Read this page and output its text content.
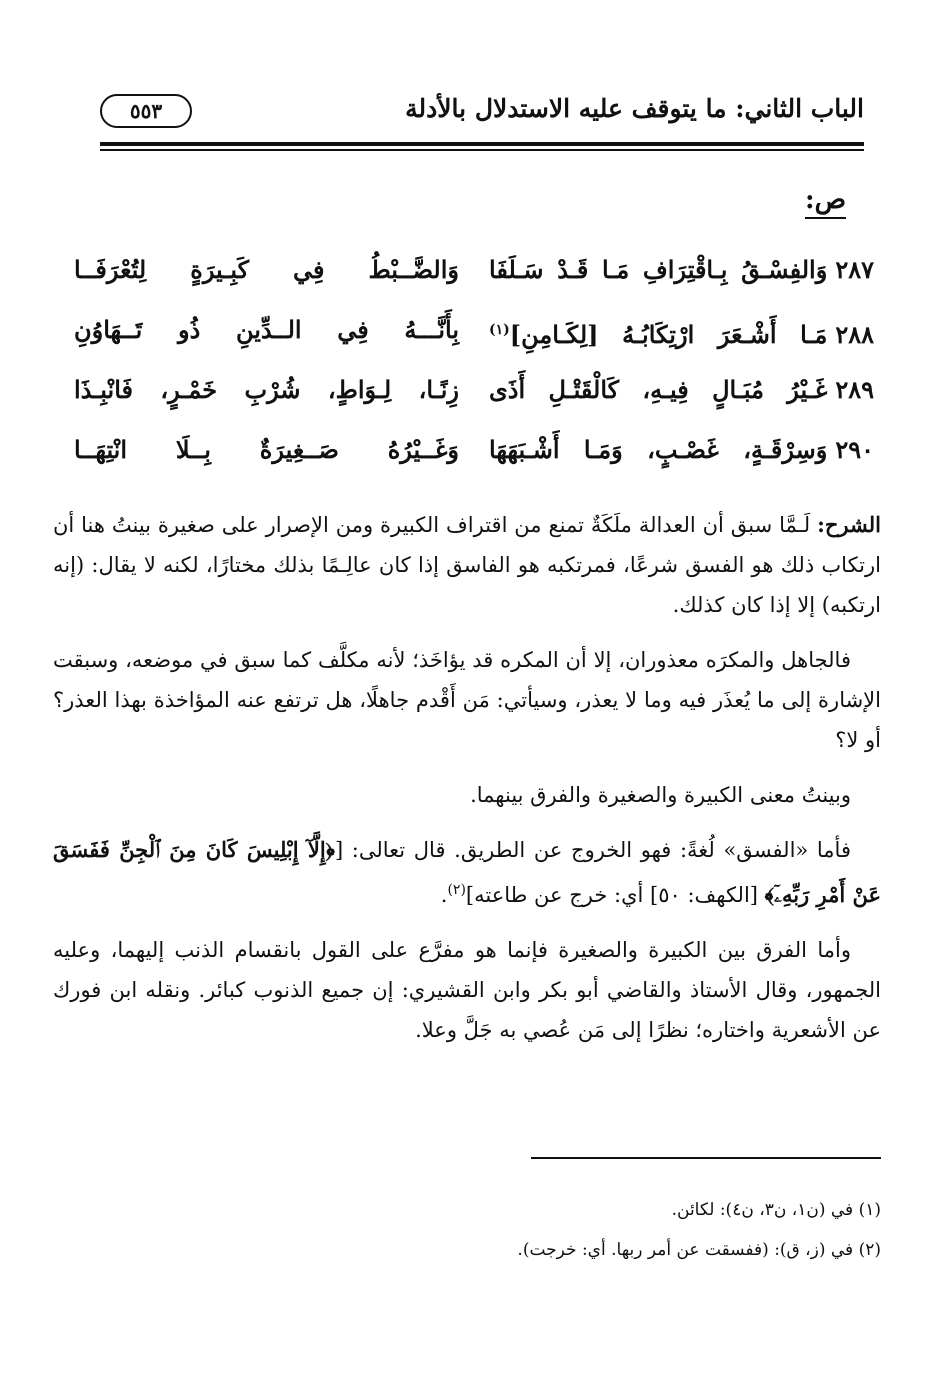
الباب الثاني: ما يتوقف عليه الاستدلال بالأدلة
٥٥٣
ص:
٢٨٧وَالفِسْـقُ بِـاقْتِرَافِ مَـا قَـدْ سَـلَفَا
وَالضَّــبْطُ فِي كَبِـيرَةٍ لِتُعْرَفَــا
٢٨٨مَـا أَشْـعَرَ ارْتِكَابُـهُ [لِكَـامِنِ]$^{(١)}$
بِأَنَّـــهُ فِي الــدِّينِ ذُو تَــهَاوُنِ
٢٨٩غَـيْرُ مُبَـالٍ فِيـهِ، كَالْقَتْـلِ أَذَى
زِنًـا، لِـوَاطٍ، شُرْبِ خَمْـرٍ، فَانْبِـذَا
٢٩٠وَسِرْقَـةٍ، غَصْـبٍ، وَمَـا أَشْـبَهَهَا
وَغَــيْرُهُ صَــغِيرَةٌ بِــلَا انْتِهَــا

الشرح: لَـمَّا سبق أن العدالة ملَكَةٌ تمنع من اقتراف الكبيرة ومن الإصرار على صغيرة بينتُ هنا أن ارتكاب ذلك هو الفسق شرعًا، فمرتكبه هو الفاسق إذا كان عالِـمًا بذلك مختارًا، لكنه لا يقال: (إنه ارتكبه) إلا إذا كان كذلك.

فالجاهل والمكرَه معذوران، إلا أن المكره قد يؤاخَذ؛ لأنه مكلَّف كما سبق في موضعه، وسبقت الإشارة إلى ما يُعذَر فيه وما لا يعذر، وسيأتي: مَن أَقْدم جاهلًا، هل ترتفع عنه المؤاخذة بهذا العذر؟ أو لا؟

وبينتُ معنى الكبيرة والصغيرة والفرق بينهما.

فأما «الفسق» لُغةً: فهو الخروج عن الطريق. قال تعالى: [﴿إِلَّآ إِبْلِيسَ كَانَ مِنَ ٱلْجِنِّ فَفَسَقَ عَنْ أَمْرِ رَبِّهِۦٓ﴾ [الكهف: ٥٠] أي: خرج عن طاعته]$^{(٢)}$.

وأما الفرق بين الكبيرة والصغيرة فإنما هو مفرَّع على القول بانقسام الذنب إليهما، وعليه الجمهور، وقال الأستاذ والقاضي أبو بكر وابن القشيري: إن جميع الذنوب كبائر. ونقله ابن فورك عن الأشعرية واختاره؛ نظرًا إلى مَن عُصي به جَلَّ وعلا.

(١) في (ن١، ن٣، ن٤): لكائن.

(٢) في (ز، ق): (ففسقت عن أمر ربها. أي: خرجت).
